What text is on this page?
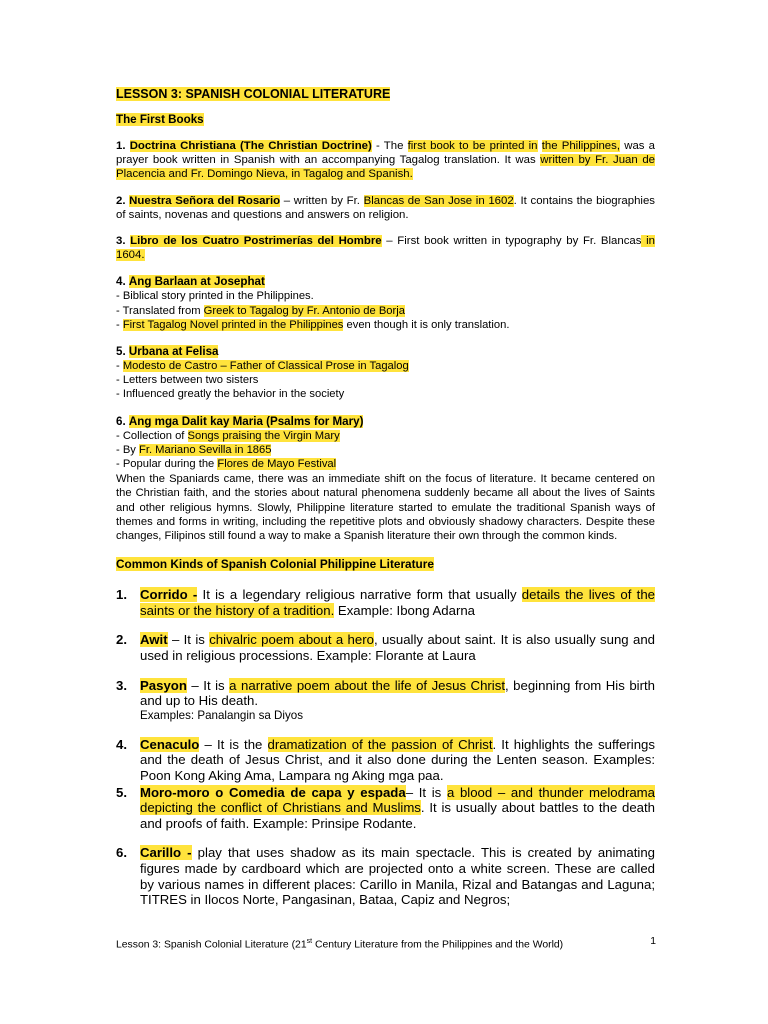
LESSON 3: SPANISH COLONIAL LITERATURE

The First Books

1. Doctrina Christiana (The Christian Doctrine) - The first book to be printed in the Philippines, was a prayer book written in Spanish with an accompanying Tagalog translation. It was written by Fr. Juan de Placencia and Fr. Domingo Nieva, in Tagalog and Spanish.

2. Nuestra Señora del Rosario – written by Fr. Blancas de San Jose in 1602. It contains the biographies of saints, novenas and questions and answers on religion.

3. Libro de los Cuatro Postrimerías del Hombre – First book written in typography by Fr. Blancas in 1604.

4. Ang Barlaan at Josephat

- Biblical story printed in the Philippines.

- Translated from Greek to Tagalog by Fr. Antonio de Borja

- First Tagalog Novel printed in the Philippines even though it is only translation.

5. Urbana at Felisa

- Modesto de Castro – Father of Classical Prose in Tagalog

- Letters between two sisters

- Influenced greatly the behavior in the society

6. Ang mga Dalit kay Maria (Psalms for Mary)

- Collection of Songs praising the Virgin Mary

- By Fr. Mariano Sevilla in 1865

- Popular during the Flores de Mayo Festival

When the Spaniards came, there was an immediate shift on the focus of literature. It became centered on the Christian faith, and the stories about natural phenomena suddenly became all about the lives of Saints and other religious hymns. Slowly, Philippine literature started to emulate the traditional Spanish ways of themes and forms in writing, including the repetitive plots and obviously shadowy characters. Despite these changes, Filipinos still found a way to make a Spanish literature their own through the common kinds.

Common Kinds of Spanish Colonial Philippine Literature

1. Corrido - It is a legendary religious narrative form that usually details the lives of the saints or the history of a tradition. Example: Ibong Adarna
2. Awit – It is chivalric poem about a hero, usually about saint. It is also usually sung and used in religious processions. Example: Florante at Laura
3. Pasyon – It is a narrative poem about the life of Jesus Christ, beginning from His birth and up to His death.
Examples: Panalangin sa Diyos
4. Cenaculo – It is the dramatization of the passion of Christ. It highlights the sufferings and the death of Jesus Christ, and it also done during the Lenten season. Examples: Poon Kong Aking Ama, Lampara ng Aking mga paa.
5. Moro-moro o Comedia de capa y espada– It is a blood – and thunder melodrama depicting the conflict of Christians and Muslims. It is usually about battles to the death and proofs of faith. Example: Prinsipe Rodante.
6. Carillo - play that uses shadow as its main spectacle. This is created by animating figures made by cardboard which are projected onto a white screen. These are called by various names in different places: Carillo in Manila, Rizal and Batangas and Laguna; TITRES in Ilocos Norte, Pangasinan, Bataa, Capiz and Negros;
Lesson 3: Spanish Colonial Literature (21st Century Literature from the Philippines and the World)	1
